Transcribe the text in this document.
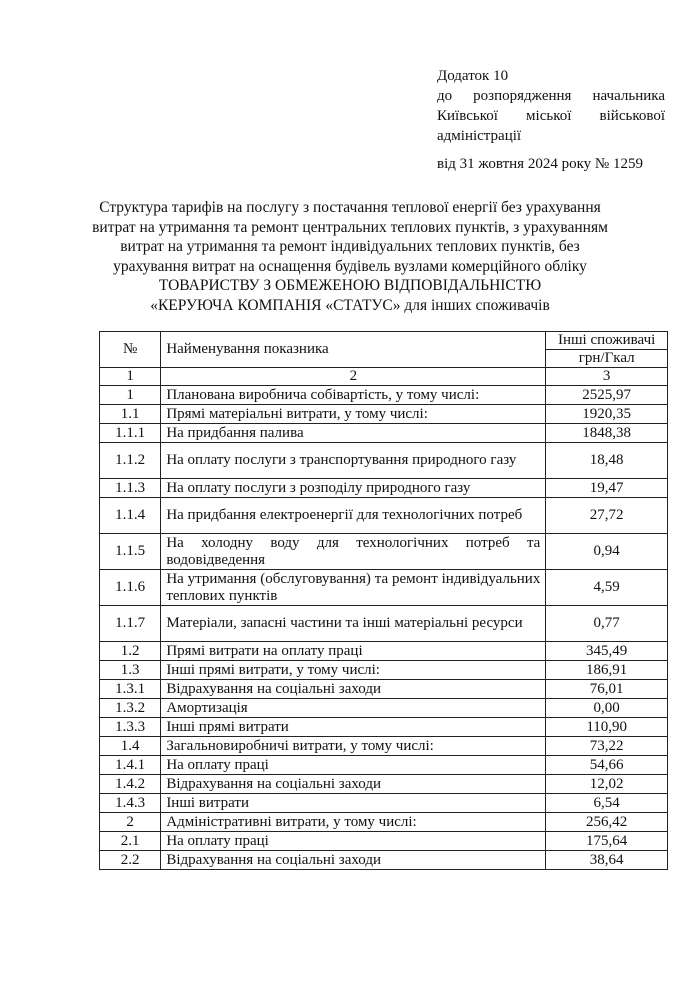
Додаток 10
до розпорядження начальника
Київської міської військової
адміністрації
від 31 жовтня 2024 року № 1259
Структура тарифів на послугу з постачання теплової енергії без урахування
витрат на утримання та ремонт центральних теплових пунктів, з урахуванням
витрат на утримання та ремонт індивідуальних теплових пунктів, без
урахування витрат на оснащення будівель вузлами комерційного обліку
ТОВАРИСТВУ З ОБМЕЖЕНОЮ ВІДПОВІДАЛЬНІСТЮ
«КЕРУЮЧА КОМПАНІЯ «СТАТУС» для інших споживачів
№	Найменування показника	Інші споживачі
		грн/Гкал
1	2	3
1	Планована виробнича собівартість, у тому числі:	2525,97
1.1	Прямі матеріальні витрати, у тому числі:	1920,35
1.1.1	На придбання палива	1848,38
1.1.2	На оплату послуги з транспортування природного газу	18,48
1.1.3	На оплату послуги з розподілу природного газу	19,47
1.1.4	На придбання електроенергії для технологічних потреб	27,72
1.1.5	На холодну воду для технологічних потреб та водовідведення	0,94
1.1.6	На утримання (обслуговування) та ремонт індивідуальних теплових пунктів	4,59
1.1.7	Матеріали, запасні частини та інші матеріальні ресурси	0,77
1.2	Прямі витрати на оплату праці	345,49
1.3	Інші прямі витрати, у тому числі:	186,91
1.3.1	Відрахування на соціальні заходи	76,01
1.3.2	Амортизація	0,00
1.3.3	Інші прямі витрати	110,90
1.4	Загальновиробничі витрати, у тому числі:	73,22
1.4.1	На оплату праці	54,66
1.4.2	Відрахування на соціальні заходи	12,02
1.4.3	Інші витрати	6,54
2	Адміністративні витрати, у тому числі:	256,42
2.1	На оплату праці	175,64
2.2	Відрахування на соціальні заходи	38,64
